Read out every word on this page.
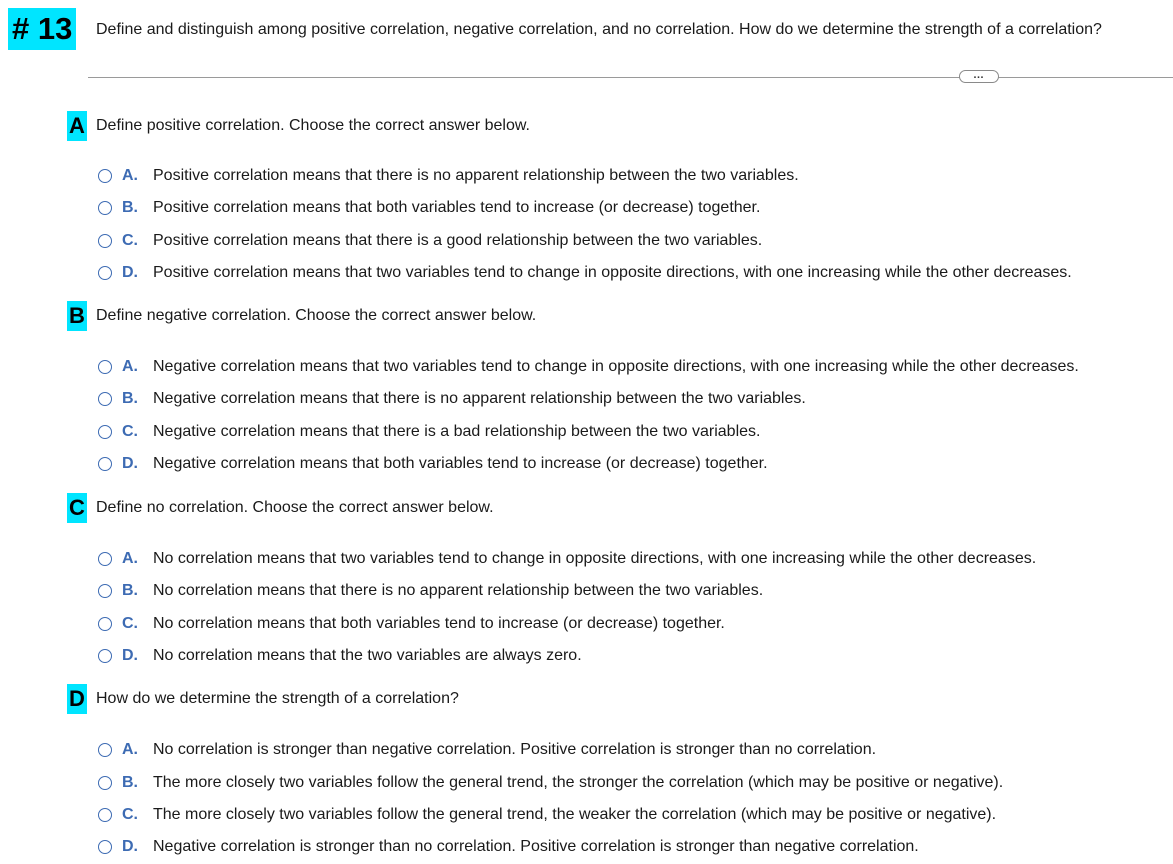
# 13 Define and distinguish among positive correlation, negative correlation, and no correlation. How do we determine the strength of a correlation?
…
A Define positive correlation. Choose the correct answer below.
A. Positive correlation means that there is no apparent relationship between the two variables.
B. Positive correlation means that both variables tend to increase (or decrease) together.
C. Positive correlation means that there is a good relationship between the two variables.
D. Positive correlation means that two variables tend to change in opposite directions, with one increasing while the other decreases.
B Define negative correlation. Choose the correct answer below.
A. Negative correlation means that two variables tend to change in opposite directions, with one increasing while the other decreases.
B. Negative correlation means that there is no apparent relationship between the two variables.
C. Negative correlation means that there is a bad relationship between the two variables.
D. Negative correlation means that both variables tend to increase (or decrease) together.
C Define no correlation. Choose the correct answer below.
A. No correlation means that two variables tend to change in opposite directions, with one increasing while the other decreases.
B. No correlation means that there is no apparent relationship between the two variables.
C. No correlation means that both variables tend to increase (or decrease) together.
D. No correlation means that the two variables are always zero.
D How do we determine the strength of a correlation?
A. No correlation is stronger than negative correlation. Positive correlation is stronger than no correlation.
B. The more closely two variables follow the general trend, the stronger the correlation (which may be positive or negative).
C. The more closely two variables follow the general trend, the weaker the correlation (which may be positive or negative).
D. Negative correlation is stronger than no correlation. Positive correlation is stronger than negative correlation.
